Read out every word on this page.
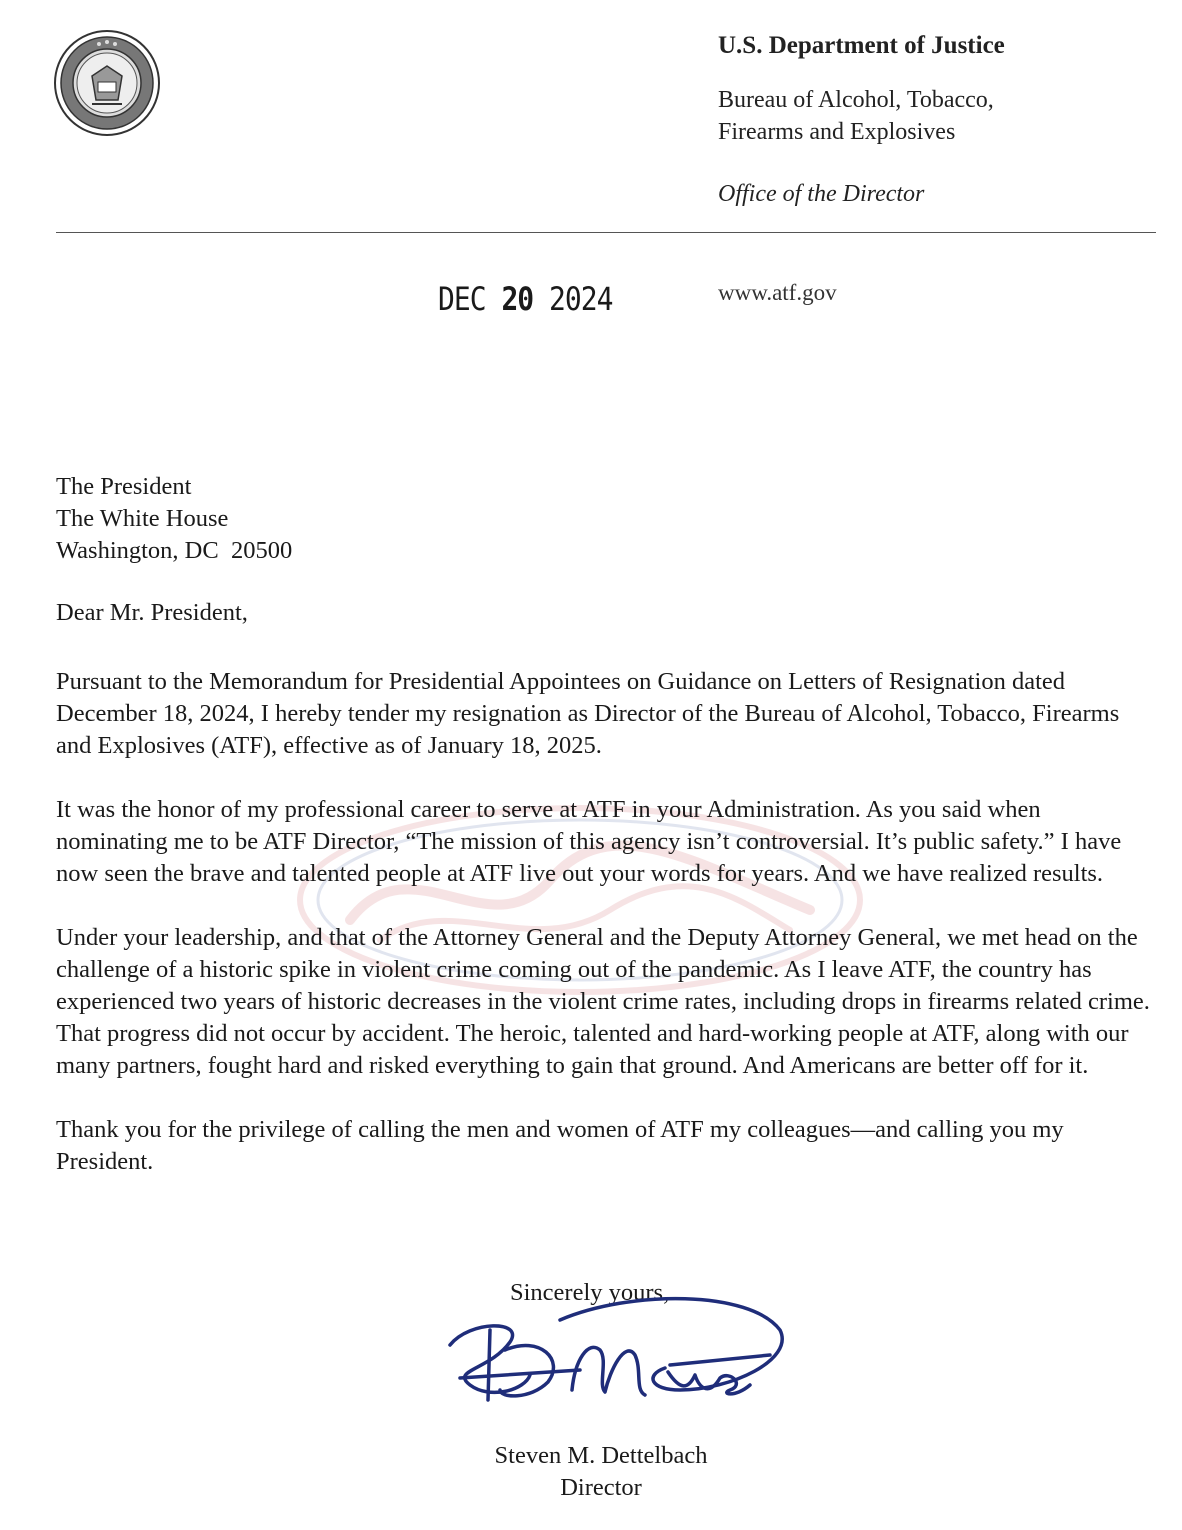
U.S. Department of Justice
Bureau of Alcohol, Tobacco,
Firearms and Explosives
Office of the Director
DEC 20 2024	www.atf.gov
The President
The White House
Washington, DC  20500
Dear Mr. President,

Pursuant to the Memorandum for Presidential Appointees on Guidance on Letters of Resignation dated December 18, 2024, I hereby tender my resignation as Director of the Bureau of Alcohol, Tobacco, Firearms and Explosives (ATF), effective as of January 18, 2025.

It was the honor of my professional career to serve at ATF in your Administration. As you said when nominating me to be ATF Director, “The mission of this agency isn’t controversial. It’s public safety.” I have now seen the brave and talented people at ATF live out your words for years. And we have realized results.

Under your leadership, and that of the Attorney General and the Deputy Attorney General, we met head on the challenge of a historic spike in violent crime coming out of the pandemic. As I leave ATF, the country has experienced two years of historic decreases in the violent crime rates, including drops in firearms related crime.  That progress did not occur by accident. The heroic, talented and hard-working people at ATF, along with our many partners, fought hard and risked everything to gain that ground. And Americans are better off for it.

Thank you for the privilege of calling the men and women of ATF my colleagues—and calling you my President.

Sincerely yours,
Steven M. Dettelbach
Director
